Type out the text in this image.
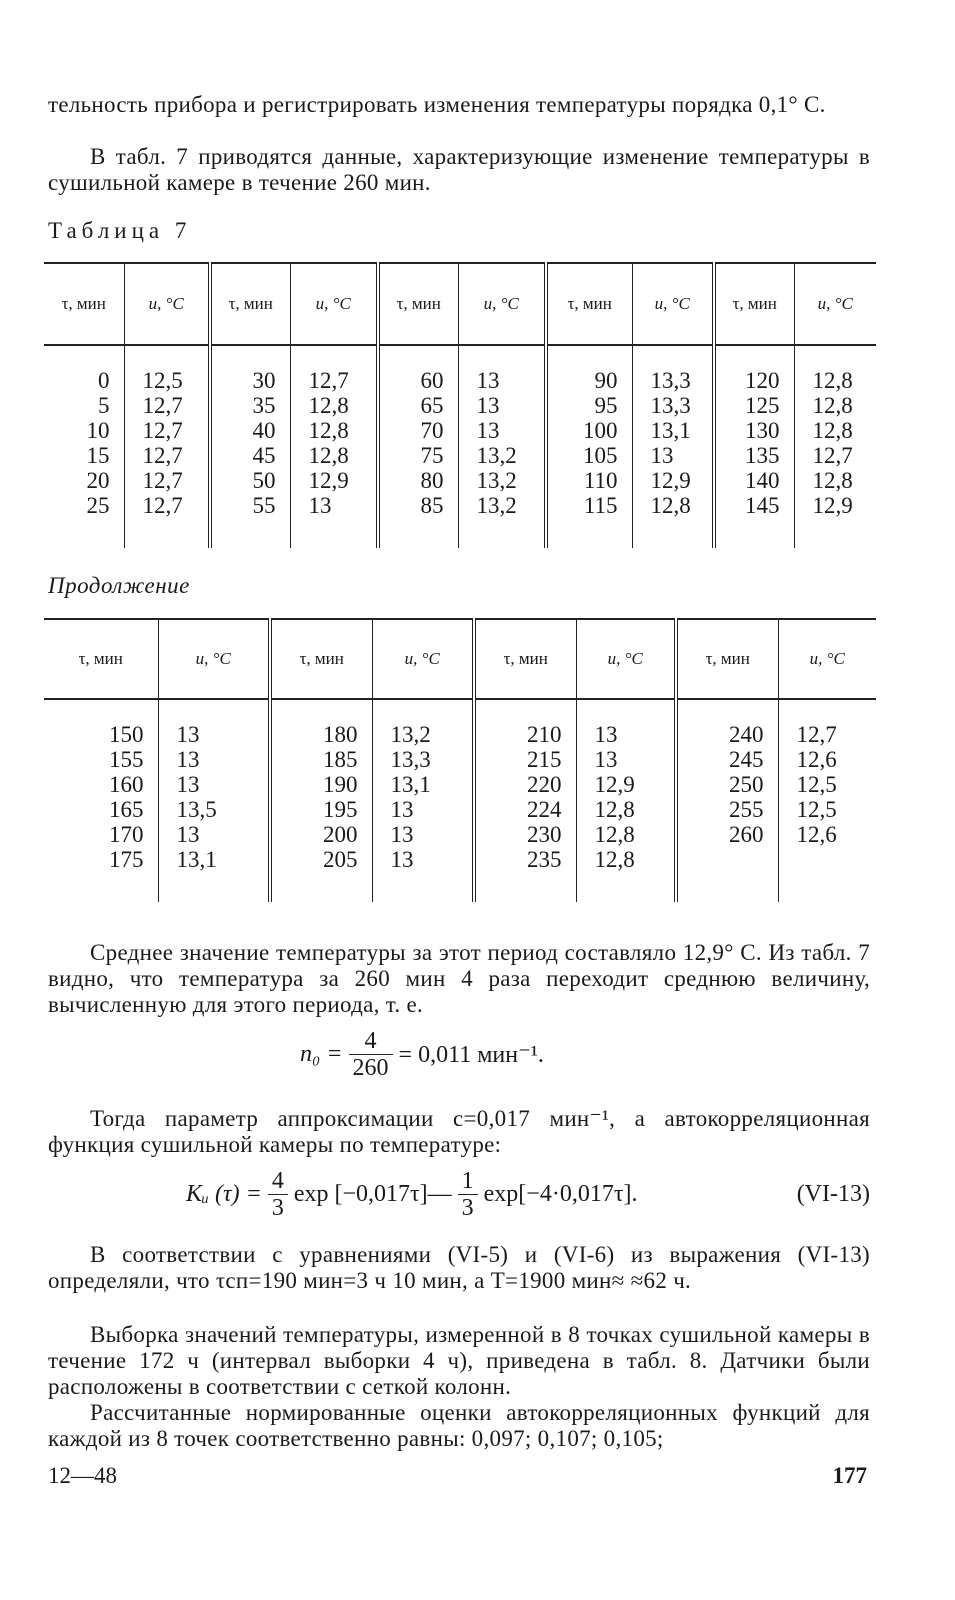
тельность прибора и регистрировать изменения температуры порядка 0,1° С.
В табл. 7 приводятся данные, характеризующие изменение температуры в сушильной камере в течение 260 мин.
Таблица 7
τ, мин	u, °C	τ, мин	u, °C	τ, мин	u, °C	τ, мин	u, °C	τ, мин	u, °C

0	12,5	30	12,7	60	13	90	13,3	120	12,8
5	12,7	35	12,8	65	13	95	13,3	125	12,8
10	12,7	40	12,8	70	13	100	13,1	130	12,8
15	12,7	45	12,8	75	13,2	105	13	135	12,7
20	12,7	50	12,9	80	13,2	110	12,9	140	12,8
25	12,7	55	13	85	13,2	115	12,8	145	12,9

Продолжение
τ, мин	u, °C	τ, мин	u, °C	τ, мин	u, °C	τ, мин	u, °C

150	13	180	13,2	210	13	240	12,7
155	13	185	13,3	215	13	245	12,6
160	13	190	13,1	220	12,9	250	12,5
165	13,5	195	13	224	12,8	255	12,5
170	13	200	13	230	12,8	260	12,6
175	13,1	205	13	235	12,8		

Среднее значение температуры за этот период составляло 12,9° С. Из табл. 7 видно, что температура за 260 мин 4 раза переходит среднюю величину, вычисленную для этого периода, т. е.
$n_0 = \frac{4}{260} = 0,011$ мин⁻¹.
Тогда параметр аппроксимации c=0,017 мин⁻¹, а автокорреляционная функция сушильной камеры по температуре:
Kᵤ $(\tau) = \frac{4}{3}$ exp [−0,017τ]— $\frac{1}{3} \exp[-4\cdot 0,017\tau]$.	(VI-13)
В соответствии с уравнениями (VI-5) и (VI-6) из выражения (VI-13) определяли, что τсп=190 мин=3 ч 10 мин, а T=1900 мин≈ ≈62 ч.
Выборка значений температуры, измеренной в 8 точках сушильной камеры в течение 172 ч (интервал выборки 4 ч), приведена в табл. 8. Датчики были расположены в соответствии с сеткой колонн.
Рассчитанные нормированные оценки автокорреляционных функций для каждой из 8 точек соответственно равны: 0,097; 0,107; 0,105;
12—48	177
